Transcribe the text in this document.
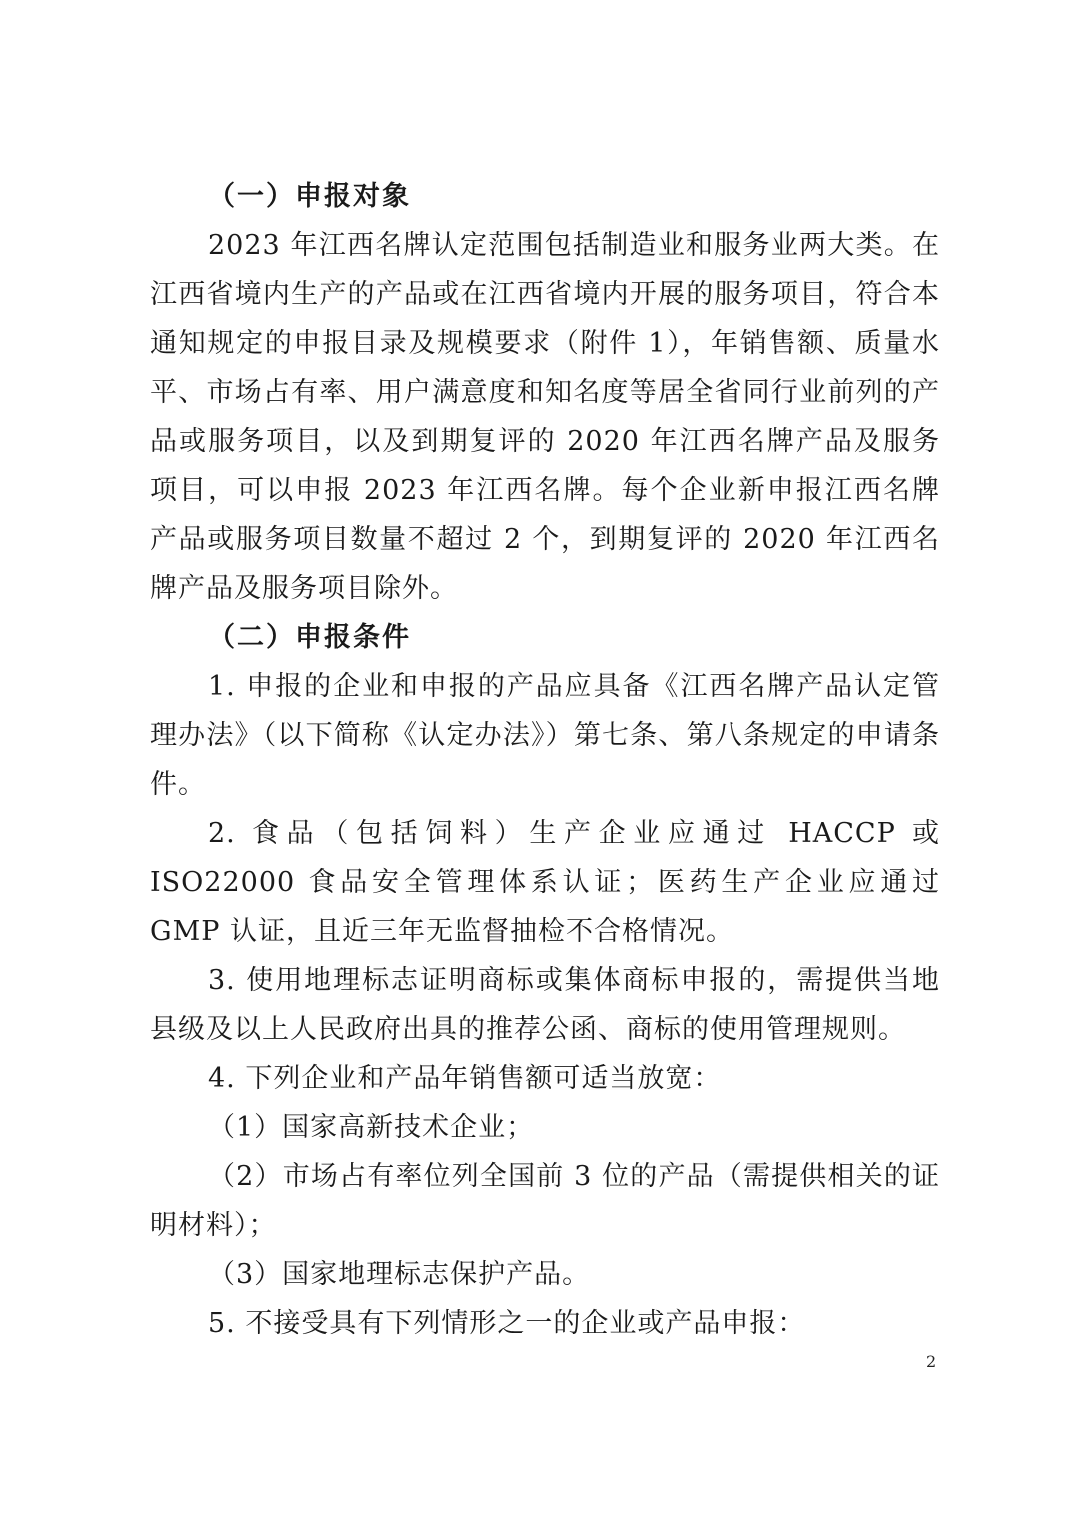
（一）申报对象

2023 年江西名牌认定范围包括制造业和服务业两大类。在江西省境内生产的产品或在江西省境内开展的服务项目，符合本通知规定的申报目录及规模要求（附件 1），年销售额、质量水平、市场占有率、用户满意度和知名度等居全省同行业前列的产品或服务项目，以及到期复评的 2020 年江西名牌产品及服务项目，可以申报 2023 年江西名牌。每个企业新申报江西名牌产品或服务项目数量不超过 2 个，到期复评的 2020 年江西名牌产品及服务项目除外。

（二）申报条件

1. 申报的企业和申报的产品应具备《江西名牌产品认定管理办法》（以下简称《认定办法》）第七条、第八条规定的申请条件。

2. 食品（包括饲料）生产企业应通过 HACCP 或 ISO22000 食品安全管理体系认证；医药生产企业应通过 GMP 认证，且近三年无监督抽检不合格情况。

3. 使用地理标志证明商标或集体商标申报的，需提供当地县级及以上人民政府出具的推荐公函、商标的使用管理规则。

4. 下列企业和产品年销售额可适当放宽：

（1）国家高新技术企业；

（2）市场占有率位列全国前 3 位的产品（需提供相关的证明材料）；

（3）国家地理标志保护产品。

5. 不接受具有下列情形之一的企业或产品申报：

2
